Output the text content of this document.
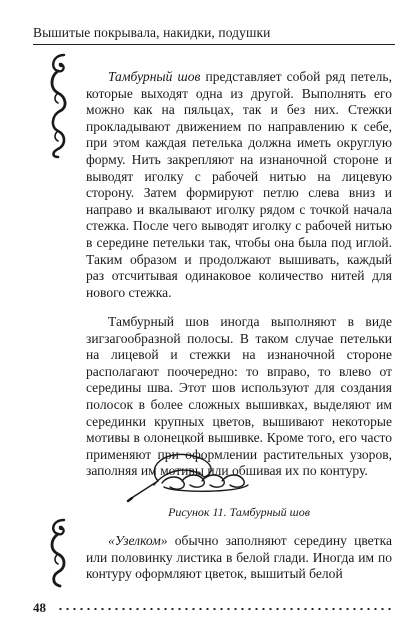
Вышитые покрывала, накидки, подушки

Тамбурный шов представляет собой ряд петель, которые выходят одна из другой. Выполнять его можно как на пяльцах, так и без них. Стежки прокладывают движением по направлению к себе, при этом каждая петелька должна иметь округлую форму. Нить закрепляют на изнаночной стороне и выводят иголку с рабочей нитью на лицевую сторону. Затем формируют петлю слева вниз и направо и вкалывают иголку рядом с точкой начала стежка. После чего выводят иголку с рабочей нитью в середине петельки так, чтобы она была под иглой. Таким образом и продолжают вышивать, каждый раз отсчитывая одинаковое количество нитей для нового стежка.

Тамбурный шов иногда выполняют в виде зигзагообразной полосы. В таком случае петельки на лицевой и стежки на изнаночной стороне располагают поочередно: то вправо, то влево от середины шва. Этот шов используют для создания полосок в более сложных вышивках, выделяют им серединки крупных цветов, вышивают некоторые мотивы в олонецкой вышивке. Кроме того, его часто применяют при оформлении растительных узоров, заполняя им мотивы или обшивая их по контуру.

Рисунок 11. Тамбурный шов

«Узелком» обычно заполняют середину цветка или половинку листика в белой глади. Иногда им по контуру оформляют цветок, вышитый белой

48
